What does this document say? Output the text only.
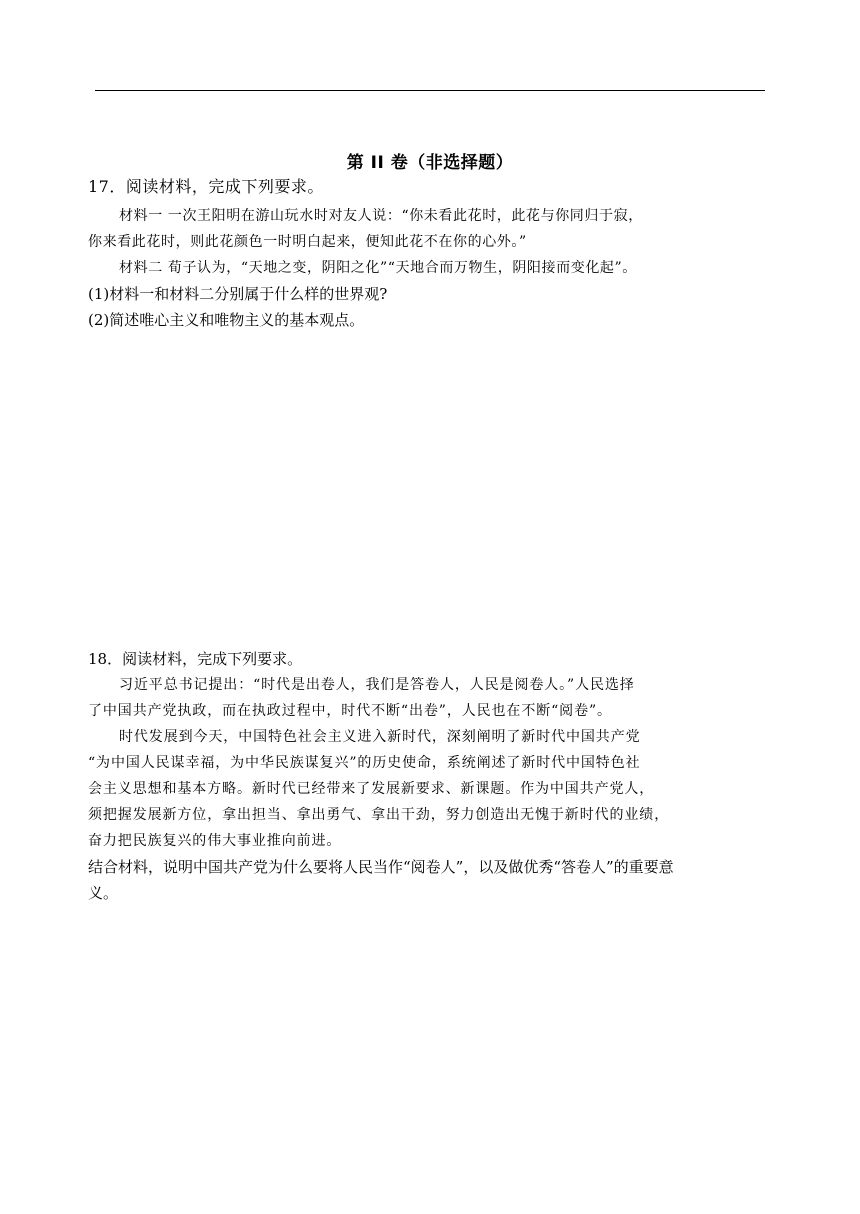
第 II 卷（非选择题）
17．阅读材料，完成下列要求。
材料一 一次王阳明在游山玩水时对友人说：“你未看此花时，此花与你同归于寂，
你来看此花时，则此花颜色一时明白起来，便知此花不在你的心外。”
材料二 荀子认为，“天地之变，阴阳之化”“天地合而万物生，阴阳接而变化起”。
(1)材料一和材料二分别属于什么样的世界观?
(2)简述唯心主义和唯物主义的基本观点。
18．阅读材料，完成下列要求。
习近平总书记提出：“时代是出卷人，我们是答卷人，人民是阅卷人。”人民选择
了中国共产党执政，而在执政过程中，时代不断“出卷”，人民也在不断“阅卷”。
时代发展到今天，中国特色社会主义进入新时代，深刻阐明了新时代中国共产党
“为中国人民谋幸福，为中华民族谋复兴”的历史使命，系统阐述了新时代中国特色社
会主义思想和基本方略。新时代已经带来了发展新要求、新课题。作为中国共产党人，
须把握发展新方位，拿出担当、拿出勇气、拿出干劲，努力创造出无愧于新时代的业绩，
奋力把民族复兴的伟大事业推向前进。
结合材料，说明中国共产党为什么要将人民当作“阅卷人”，以及做优秀“答卷人”的重要意
义。
